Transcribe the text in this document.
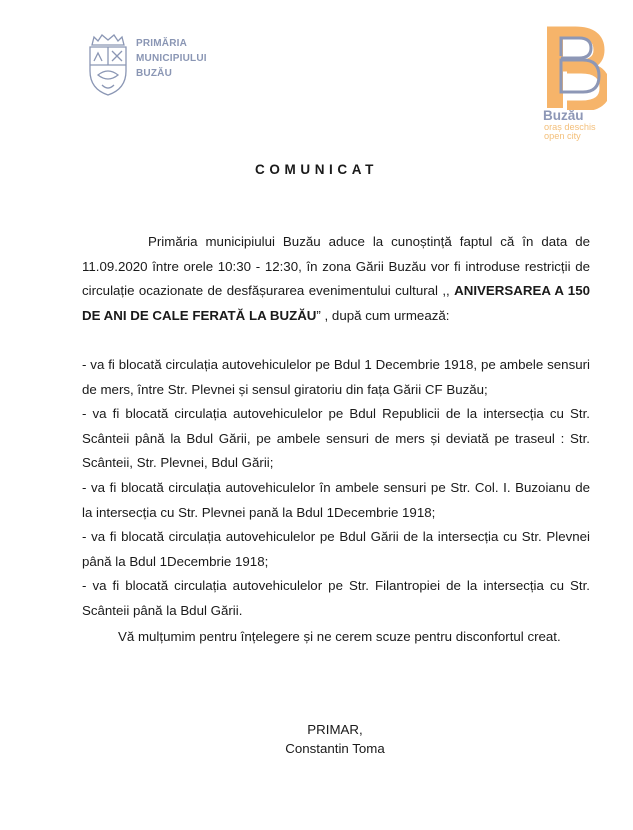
PRIMĂRIA
MUNICIPIULUI
BUZĂU
Buzău
oraș deschis
open city
COMUNICAT

Primăria municipiului Buzău aduce la cunoștință faptul că în data de 11.09.2020 între orele 10:30 - 12:30, în zona Gării Buzău vor fi introduse restricții de circulație ocazionate de desfășurarea evenimentului cultural ,, ANIVERSAREA A 150 DE ANI DE CALE FERATĂ LA BUZĂU” , după cum urmează:

- va fi blocată circulația autovehiculelor pe Bdul 1 Decembrie 1918, pe ambele sensuri de mers, între Str. Plevnei și sensul giratoriu din fața Gării CF Buzău;

- va fi blocată circulația autovehiculelor pe Bdul Republicii de la intersecția cu Str. Scânteii până la Bdul Gării, pe ambele sensuri de mers și deviată pe traseul : Str. Scânteii, Str. Plevnei, Bdul Gării;

- va fi blocată circulația autovehiculelor în ambele sensuri pe Str. Col. I. Buzoianu de la intersecția cu Str. Plevnei pană la Bdul 1Decembrie 1918;

- va fi blocată circulația autovehiculelor pe Bdul Gării de la intersecția cu Str. Plevnei până la Bdul 1Decembrie 1918;

- va fi blocată circulația autovehiculelor pe Str. Filantropiei de la intersecția cu Str. Scânteii până la Bdul Gării.

Vă mulțumim pentru înțelegere și ne cerem scuze pentru disconfortul creat.

PRIMAR,
Constantin Toma
